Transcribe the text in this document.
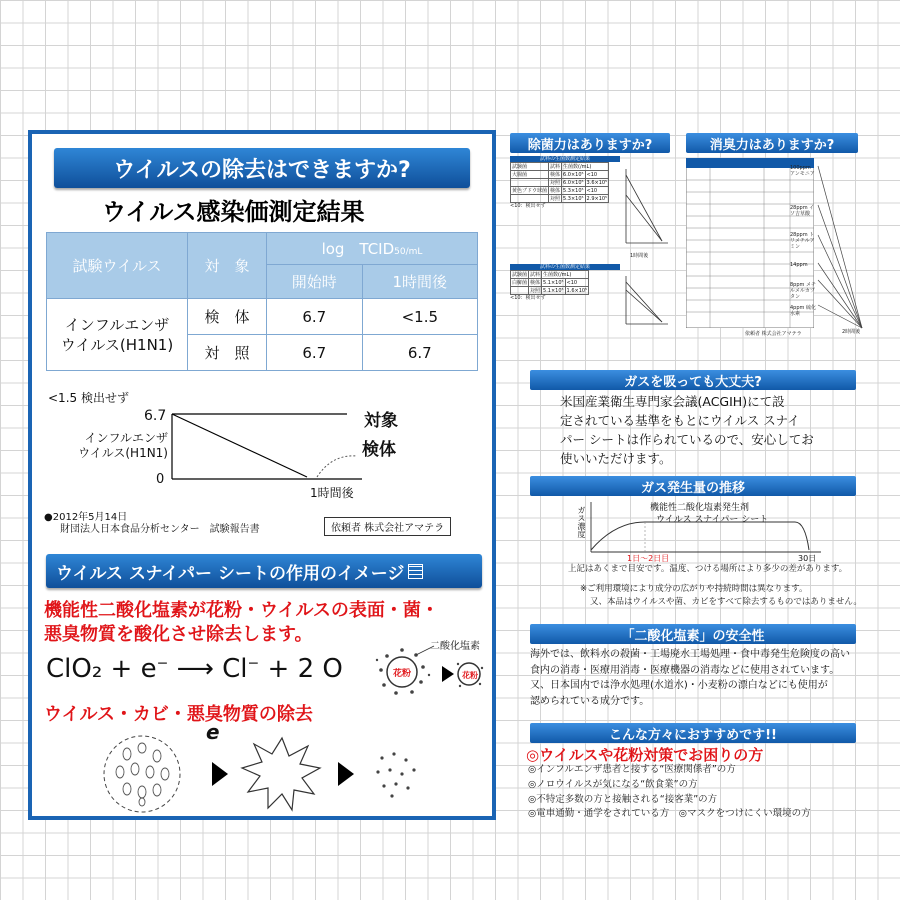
ウイルスの除去はできますか?
ウイルス感染価測定結果
試験ウイルス	対　象	log　TCID50/mL	
		開始時	1時間後
インフルエンザ
ウイルス(H1N1)	検　体	6.7	<1.5
	対　照	6.7	6.7
<1.5 検出せず
6.7
インフルエンザ
ウイルス(H1N1)
0
対象
検体
1時間後
●2012年5月14日
財団法人日本食品分析センター　試験報告書	依頼者 株式会社アマテラ
ウイルス スナイパー シートの作用のイメージ
機能性二酸化塩素が花粉・ウイルスの表面・菌・
悪臭物質を酸化させ除去します。
ClO₂ + e− ⟶ Cl− + 2 O
二酸化塩素
花粉	花粉
ウイルス・カビ・悪臭物質の除去
e
除菌力はありますか?
試料の生菌数測定結果
試験菌	試料	生菌数(/mL)	
大腸菌	検体	6.0×10⁵	<10
	対照	6.0×10⁵	3.6×10⁵
黄色ブドウ球菌	検体	5.3×10⁵	<10
	対照	5.3×10⁵	2.9×10⁵
<10：検出せず
1時間後
試料の生菌数測定結果
試験菌	試料	生菌数(/mL)	
白癬菌	検体	5.1×10⁵	<10
	対照	5.1×10⁵	1.6×10⁵
<10：検出せず
消臭力はありますか?
依頼者 株式会社アマテラ
100ppm アンモニア
28ppm イソ吉草酸
28ppm トリメチルアミン
14ppm
8ppm メチルメルカプタン
4ppm 硫化水素
2時間後
ガスを吸っても大丈夫?
米国産業衛生専門家会議(ACGIH)にて設
定されている基準をもとにウイルス スナイ
パー シートは作られているので、安心してお
使いいただけます。
ガス発生量の推移
機能性二酸化塩素発生剤
ウイルス スナイパー シート
ガス濃度
1日～2日目	30日
上記はあくまで目安です。温度、つける場所により多少の差があります。
※ご利用環境により成分の広がりや持続時間は異なります。
又、本品はウイルスや菌、カビをすべて除去するものではありません。
「二酸化塩素」の安全性
海外では、飲料水の殺菌・工場廃水工場処理・食中毒発生危険度の高い
食内の消毒・医療用消毒・医療機器の消毒などに使用されています。
又、日本国内では浄水処理(水道水)・小麦粉の漂白などにも使用が
認められている成分です。
こんな方々におすすめです!!
◎ウイルスや花粉対策でお困りの方
◎インフルエンザ患者と接する“医療関係者”の方
◎ノロウイルスが気になる“飲食業”の方
◎不特定多数の方と接触される“接客業”の方
◎電車通勤・通学をされている方　◎マスクをつけにくい環境の方
